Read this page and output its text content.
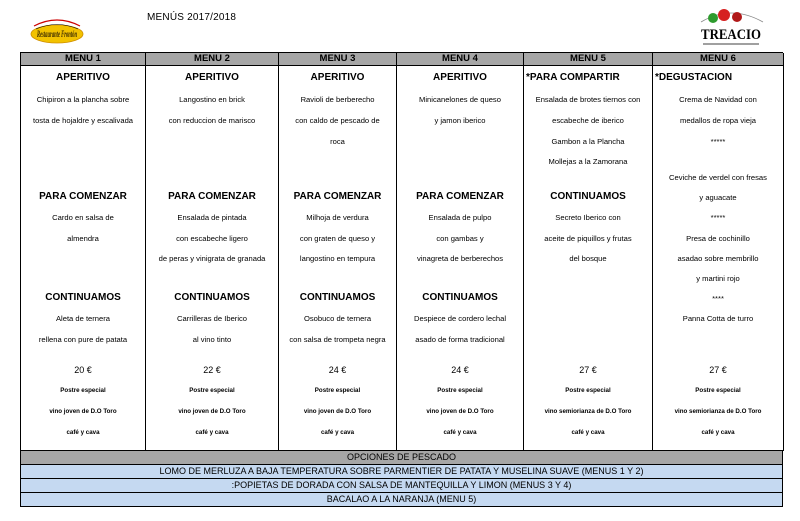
Restaurante Frontón
MENÚS 2017/2018
TREACIO
MENU 1
APERITIVO
Chipiron a la plancha sobre
tosta de hojaldre y escalivada
PARA COMENZAR
Cardo en salsa de
almendra
CONTINUAMOS
Aleta de ternera
rellena con pure de patata
20 €
Postre especial
vino joven de D.O Toro
café y cava
MENU 2
APERITIVO
Langostino en brick
con reduccion de marisco
PARA COMENZAR
Ensalada de pintada
con escabeche ligero
de peras y vinigrata de granada
CONTINUAMOS
Carrilleras de Iberico
al vino tinto
22 €
Postre especial
vino joven de D.O Toro
café y cava
MENU 3
APERITIVO
Ravioli de berberecho
con caldo de pescado de
roca
PARA COMENZAR
Milhoja de verdura
con graten de queso y
langostino en tempura
CONTINUAMOS
Osobuco de ternera
con salsa de trompeta negra
24 €
Postre especial
vino joven de D.O Toro
café y cava
MENU 4
APERITIVO
Minicanelones de queso
y jamon iberico
PARA COMENZAR
Ensalada de pulpo
con gambas y
vinagreta de berberechos
CONTINUAMOS
Despiece de cordero lechal
asado de forma tradicional
24 €
Postre especial
vino joven de D.O Toro
café y cava
MENU 5
*PARA COMPARTIR
Ensalada de brotes tiernos con
escabeche de iberico
Gambon a la Plancha
Mollejas a la Zamorana
CONTINUAMOS
Secreto Iberico con
aceite de piquillos y frutas
del bosque
27 €
Postre especial
vino semiorianza de D.O Toro
café y cava
MENU 6
*DEGUSTACION
Crema de Navidad con
medallos de ropa vieja
*****
Ceviche de verdel con fresas
y aguacate
*****
Presa de cochinillo
asadao sobre membrillo
y martini rojo
****
Panna Cotta de turro
27 €
Postre especial
vino semiorianza de D.O Toro
café y cava
OPCIONES DE PESCADO
LOMO DE MERLUZA A BAJA TEMPERATURA SOBRE PARMENTIER DE PATATA Y MUSELINA SUAVE (MENUS 1 Y 2)
:POPIETAS DE DORADA CON SALSA DE MANTEQUILLA Y LIMON (MENUS 3 Y 4)
BACALAO A LA NARANJA (MENU 5)
